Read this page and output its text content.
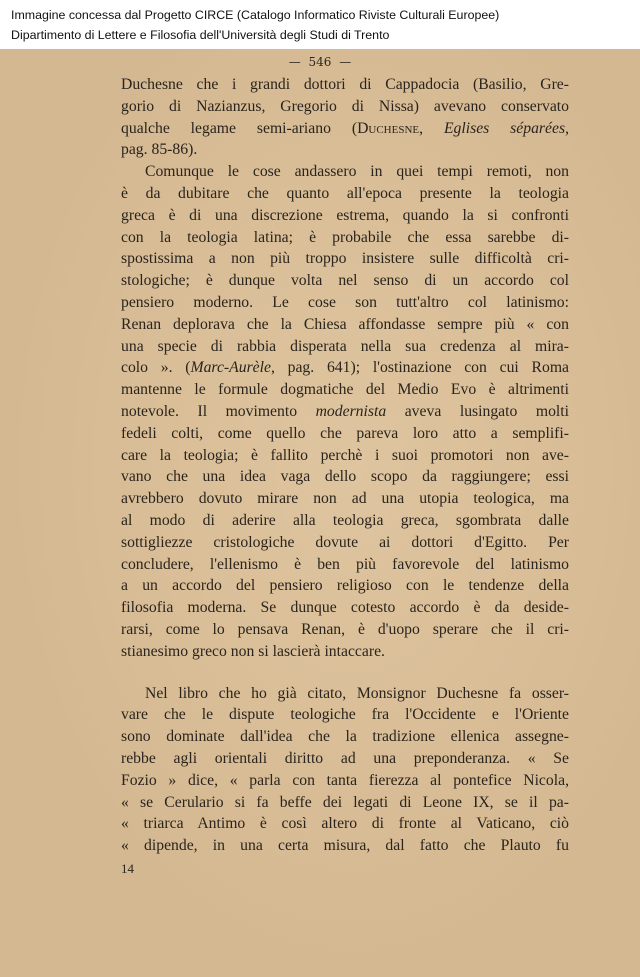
Immagine concessa dal Progetto CIRCE (Catalogo Informatico Riviste Culturali Europee)
Dipartimento di Lettere e Filosofia dell'Università degli Studi di Trento
— 546 —
Duchesne che i grandi dottori di Cappadocia (Basilio, Gre-
gorio di Nazianzus, Gregorio di Nissa) avevano conservato
qualche legame semi-ariano (Duchesne, Eglises séparées,
pag. 85-86).
Comunque le cose andassero in quei tempi remoti, non
è da dubitare che quanto all'epoca presente la teologia
greca è di una discrezione estrema, quando la si confronti
con la teologia latina; è probabile che essa sarebbe di-
spostissima a non più troppo insistere sulle difficoltà cri-
stologiche; è dunque volta nel senso di un accordo col
pensiero moderno. Le cose son tutt'altro col latinismo:
Renan deplorava che la Chiesa affondasse sempre più « con
una specie di rabbia disperata nella sua credenza al mira-
colo ». (Marc-Aurèle, pag. 641); l'ostinazione con cui Roma
mantenne le formule dogmatiche del Medio Evo è altrimenti
notevole. Il movimento modernista aveva lusingato molti
fedeli colti, come quello che pareva loro atto a semplifi-
care la teologia; è fallito perchè i suoi promotori non ave-
vano che una idea vaga dello scopo da raggiungere; essi
avrebbero dovuto mirare non ad una utopia teologica, ma
al modo di aderire alla teologia greca, sgombrata dalle
sottigliezze cristologiche dovute ai dottori d'Egitto. Per
concludere, l'ellenismo è ben più favorevole del latinismo
a un accordo del pensiero religioso con le tendenze della
filosofia moderna. Se dunque cotesto accordo è da deside-
rarsi, come lo pensava Renan, è d'uopo sperare che il cri-
stianesimo greco non si lascierà intaccare.
Nel libro che ho già citato, Monsignor Duchesne fa osser-
vare che le dispute teologiche fra l'Occidente e l'Oriente
sono dominate dall'idea che la tradizione ellenica assegne-
rebbe agli orientali diritto ad una preponderanza. « Se
Fozio » dice, « parla con tanta fierezza al pontefice Nicola,
« se Cerulario si fa beffe dei legati di Leone IX, se il pa-
« triarca Antimo è così altero di fronte al Vaticano, ciò
« dipende, in una certa misura, dal fatto che Plauto fu
14
